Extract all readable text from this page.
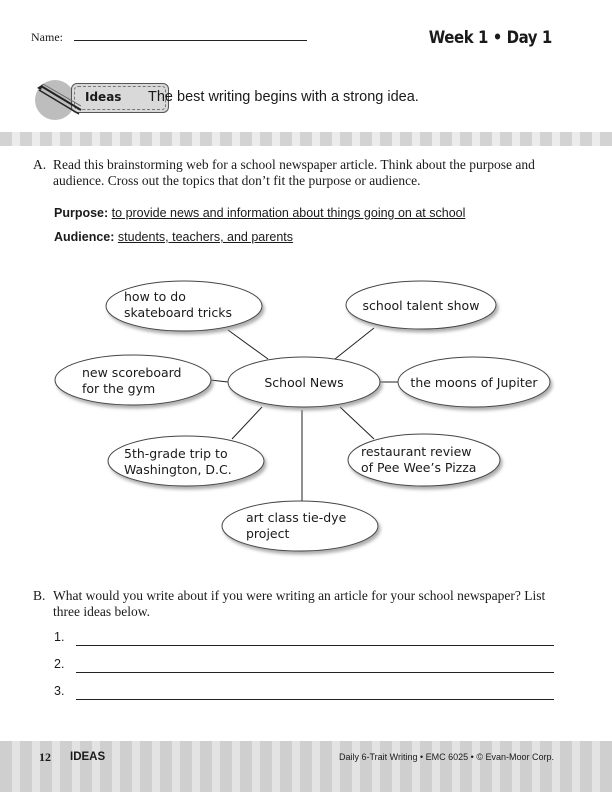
Name:	Week 1 • Day 1
Ideas The best writing begins with a strong idea.
A. Read this brainstorming web for a school newspaper article. Think about the purpose and audience. Cross out the topics that don’t fit the purpose or audience.
Purpose: to provide news and information about things going on at school
Audience: students, teachers, and parents
School News
how to do
skateboard tricks	school talent show
new scoreboard
for the gym	the moons of Jupiter
5th-grade trip to
Washington, D.C.
restaurant review
of Pee Wee’s Pizza
art class tie-dye
project
B. What would you write about if you were writing an article for your school newspaper? List three ideas below.
1.
2.
3.
12 IDEAS	Daily 6-Trait Writing • EMC 6025 • © Evan-Moor Corp.
